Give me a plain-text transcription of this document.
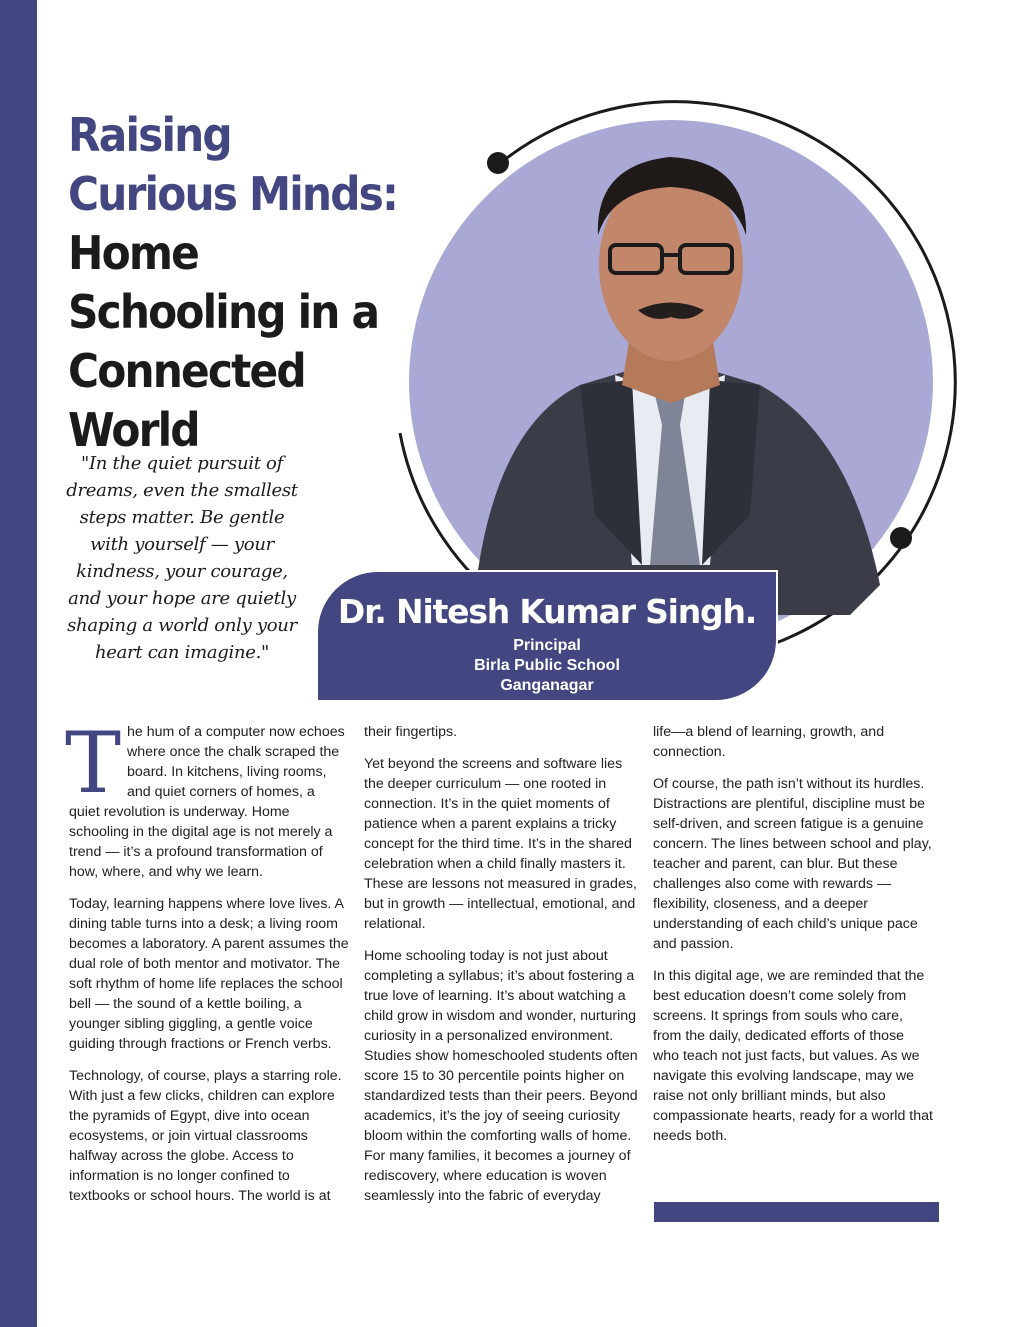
Raising Curious Minds: Home Schooling in a Connected World
"In the quiet pursuit of dreams, even the smallest steps matter. Be gentle with yourself — your kindness, your courage, and your hope are quietly shaping a world only your heart can imagine."
Dr. Nitesh Kumar Singh.
Principal
Birla Public School
Ganganagar

The hum of a computer now echoes where once the chalk scraped the board. In kitchens, living rooms, and quiet corners of homes, a quiet revolution is underway. Home schooling in the digital age is not merely a trend — it’s a profound transformation of how, where, and why we learn.

Today, learning happens where love lives. A dining table turns into a desk; a living room becomes a laboratory. A parent assumes the dual role of both mentor and motivator. The soft rhythm of home life replaces the school bell — the sound of a kettle boiling, a younger sibling giggling, a gentle voice guiding through fractions or French verbs.

Technology, of course, plays a starring role. With just a few clicks, children can explore the pyramids of Egypt, dive into ocean ecosystems, or join virtual classrooms halfway across the globe. Access to information is no longer confined to textbooks or school hours. The world is at

their fingertips.

Yet beyond the screens and software lies the deeper curriculum — one rooted in connection. It’s in the quiet moments of patience when a parent explains a tricky concept for the third time. It’s in the shared celebration when a child finally masters it. These are lessons not measured in grades, but in growth — intellectual, emotional, and relational.

Home schooling today is not just about completing a syllabus; it’s about fostering a true love of learning. It’s about watching a child grow in wisdom and wonder, nurturing curiosity in a personalized environment. Studies show homeschooled students often score 15 to 30 percentile points higher on standardized tests than their peers. Beyond academics, it’s the joy of seeing curiosity bloom within the comforting walls of home. For many families, it becomes a journey of rediscovery, where education is woven seamlessly into the fabric of everyday

life—a blend of learning, growth, and connection.

Of course, the path isn’t without its hurdles. Distractions are plentiful, discipline must be self-driven, and screen fatigue is a genuine concern. The lines between school and play, teacher and parent, can blur. But these challenges also come with rewards — flexibility, closeness, and a deeper understanding of each child’s unique pace and passion.

In this digital age, we are reminded that the best education doesn’t come solely from screens. It springs from souls who care, from the daily, dedicated efforts of those who teach not just facts, but values. As we navigate this evolving landscape, may we raise not only brilliant minds, but also compassionate hearts, ready for a world that needs both.
